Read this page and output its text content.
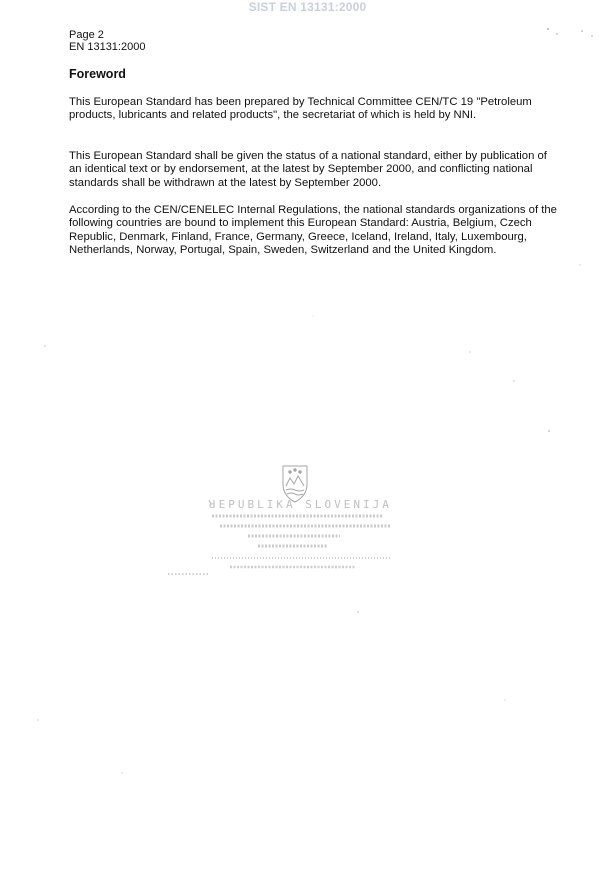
SIST EN 13131:2000
Page 2
EN 13131:2000
Foreword

This European Standard has been prepared by Technical Committee CEN/TC 19 "Petroleum products, lubricants and related products", the secretariat of which is held by NNI.

This European Standard shall be given the status of a national standard, either by publication of an identical text or by endorsement, at the latest by September 2000, and conflicting national standards shall be withdrawn at the latest by September 2000.

According to the CEN/CENELEC Internal Regulations, the national standards organizations of the following countries are bound to implement this European Standard: Austria, Belgium, Czech Republic, Denmark, Finland, France, Germany, Greece, Iceland, Ireland, Italy, Luxembourg, Netherlands, Norway, Portugal, Spain, Sweden, Switzerland and the United Kingdom.

ꓤEPUBLIKA SLOVENIJA
